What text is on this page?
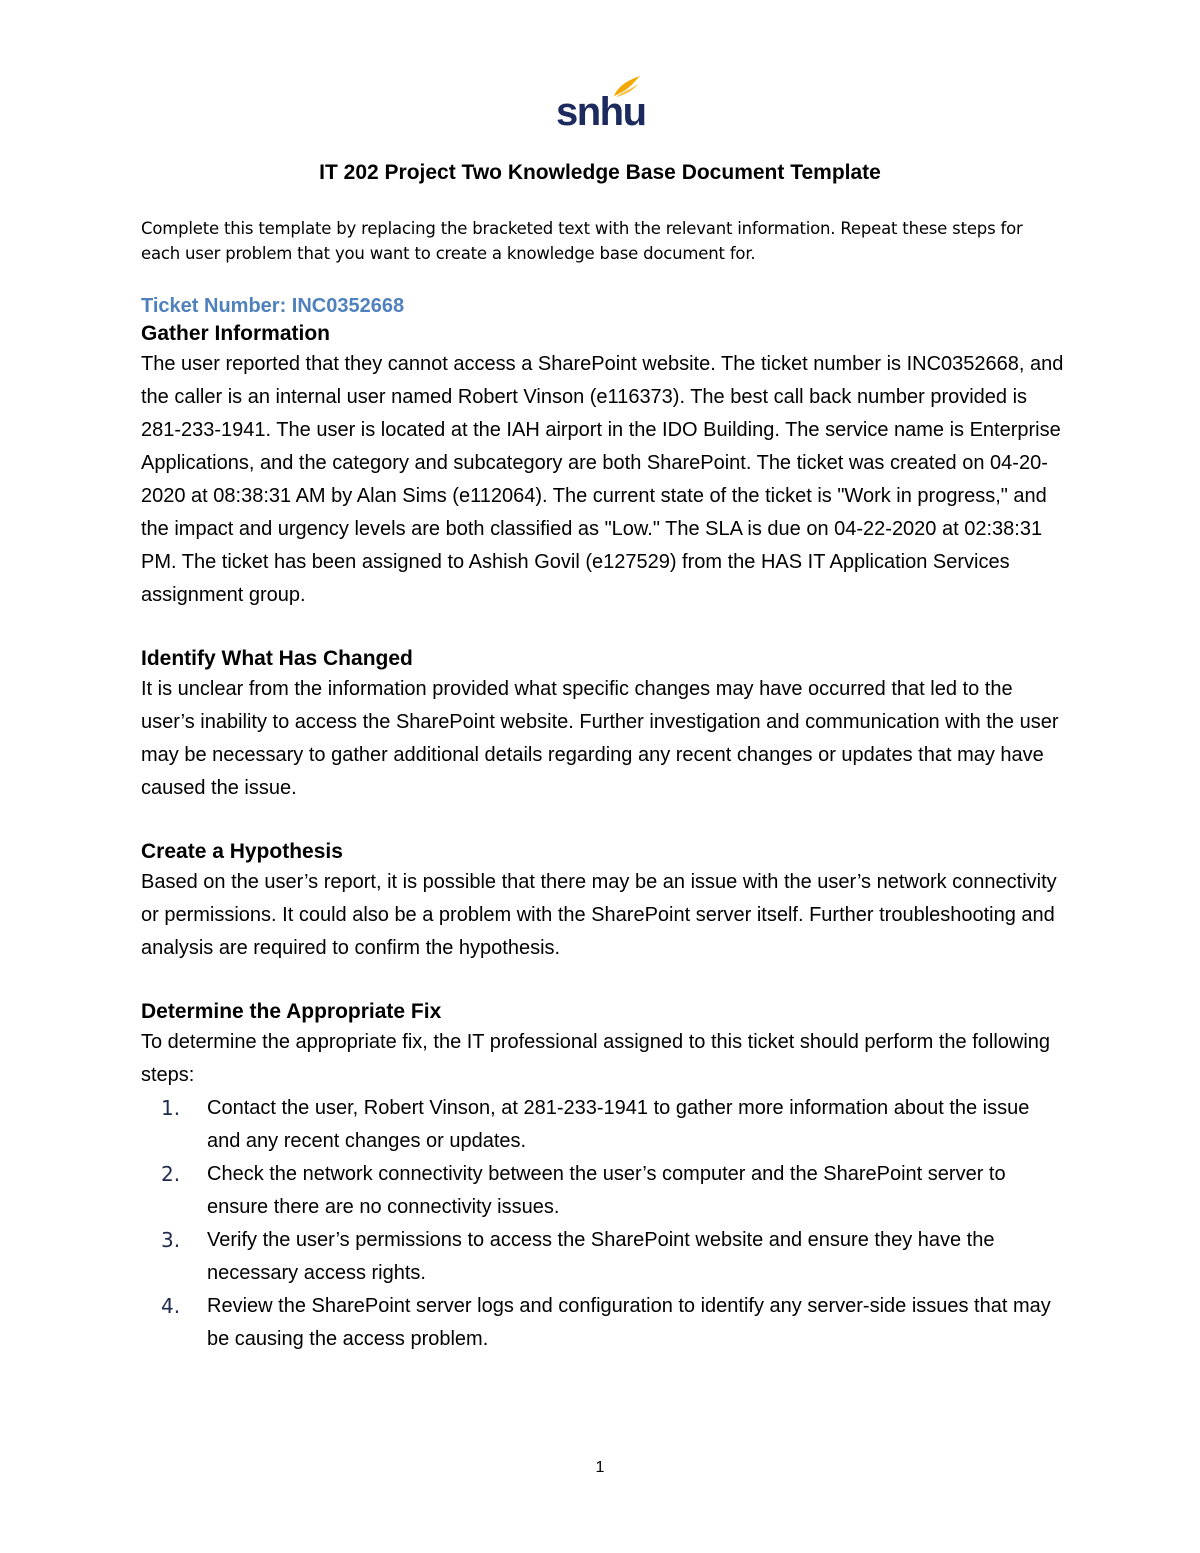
snhu
IT 202 Project Two Knowledge Base Document Template
Complete this template by replacing the bracketed text with the relevant information. Repeat these steps for each user problem that you want to create a knowledge base document for.

Ticket Number: INC0352668

Gather Information

The user reported that they cannot access a SharePoint website. The ticket number is INC0352668, and the caller is an internal user named Robert Vinson (e116373). The best call back number provided is 281-233-1941. The user is located at the IAH airport in the IDO Building. The service name is Enterprise Applications, and the category and subcategory are both SharePoint. The ticket was created on 04-20-2020 at 08:38:31 AM by Alan Sims (e112064). The current state of the ticket is "Work in progress," and the impact and urgency levels are both classified as "Low." The SLA is due on 04-22-2020 at 02:38:31 PM. The ticket has been assigned to Ashish Govil (e127529) from the HAS IT Application Services assignment group.

Identify What Has Changed

It is unclear from the information provided what specific changes may have occurred that led to the user’s inability to access the SharePoint website. Further investigation and communication with the user may be necessary to gather additional details regarding any recent changes or updates that may have caused the issue.

Create a Hypothesis

Based on the user’s report, it is possible that there may be an issue with the user’s network connectivity or permissions. It could also be a problem with the SharePoint server itself. Further troubleshooting and analysis are required to confirm the hypothesis.

Determine the Appropriate Fix

To determine the appropriate fix, the IT professional assigned to this ticket should perform the following steps:

1. Contact the user, Robert Vinson, at 281-233-1941 to gather more information about the issue and any recent changes or updates.
2. Check the network connectivity between the user’s computer and the SharePoint server to ensure there are no connectivity issues.
3. Verify the user’s permissions to access the SharePoint website and ensure they have the necessary access rights.
4. Review the SharePoint server logs and configuration to identify any server-side issues that may be causing the access problem.
1
